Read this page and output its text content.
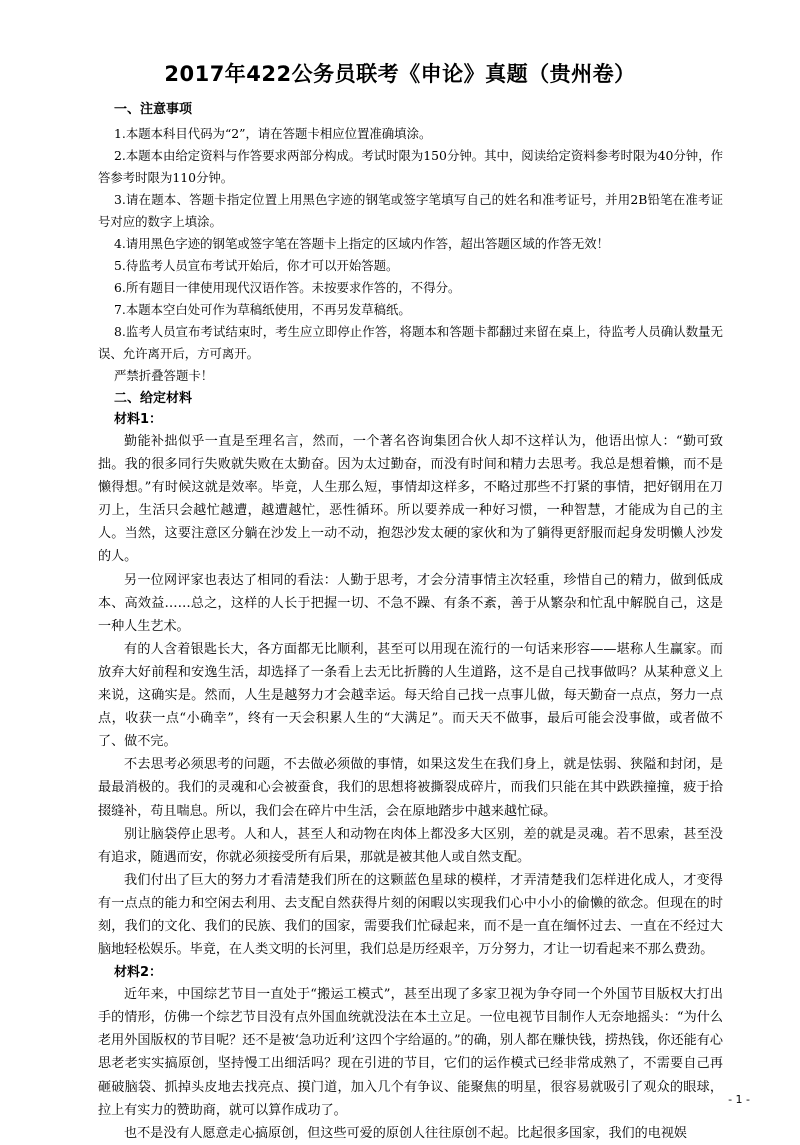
2017年422公务员联考《申论》真题（贵州卷）

一、注意事项

1.本题本科目代码为“2”，请在答题卡相应位置准确填涂。

2.本题本由给定资料与作答要求两部分构成。考试时限为150分钟。其中，阅读给定资料参考时限为40分钟，作答参考时限为110分钟。

3.请在题本、答题卡指定位置上用黑色字迹的钢笔或签字笔填写自己的姓名和准考证号，并用2B铅笔在准考证号对应的数字上填涂。

4.请用黑色字迹的钢笔或签字笔在答题卡上指定的区域内作答，超出答题区域的作答无效！

5.待监考人员宣布考试开始后，你才可以开始答题。

6.所有题目一律使用现代汉语作答。未按要求作答的，不得分。

7.本题本空白处可作为草稿纸使用，不再另发草稿纸。

8.监考人员宣布考试结束时，考生应立即停止作答，将题本和答题卡都翻过来留在桌上，待监考人员确认数量无误、允许离开后，方可离开。

严禁折叠答题卡！

二、给定材料

材料1：

勤能补拙似乎一直是至理名言，然而，一个著名咨询集团合伙人却不这样认为，他语出惊人：“勤可致拙。我的很多同行失败就失败在太勤奋。因为太过勤奋，而没有时间和精力去思考。我总是想着懒，而不是懒得想。”有时候这就是效率。毕竟，人生那么短，事情却这样多，不略过那些不打紧的事情，把好钢用在刀刃上，生活只会越忙越遭，越遭越忙，恶性循环。所以要养成一种好习惯，一种智慧，才能成为自己的主人。当然，这要注意区分躺在沙发上一动不动，抱怨沙发太硬的家伙和为了躺得更舒服而起身发明懒人沙发的人。

另一位网评家也表达了相同的看法：人勤于思考，才会分清事情主次轻重，珍惜自己的精力，做到低成本、高效益……总之，这样的人长于把握一切、不急不躁、有条不紊，善于从繁杂和忙乱中解脱自己，这是一种人生艺术。

有的人含着银匙长大，各方面都无比顺利，甚至可以用现在流行的一句话来形容——堪称人生赢家。而放弃大好前程和安逸生活，却选择了一条看上去无比折腾的人生道路，这不是自己找事做吗？从某种意义上来说，这确实是。然而，人生是越努力才会越幸运。每天给自己找一点事儿做，每天勤奋一点点，努力一点点，收获一点“小确幸”，终有一天会积累人生的“大满足”。而天天不做事，最后可能会没事做，或者做不了、做不完。

不去思考必须思考的问题，不去做必须做的事情，如果这发生在我们身上，就是怯弱、狭隘和封闭，是最最消极的。我们的灵魂和心会被蚕食，我们的思想将被撕裂成碎片，而我们只能在其中跌跌撞撞，疲于拾掇缝补，苟且喘息。所以，我们会在碎片中生活，会在原地踏步中越来越忙碌。

别让脑袋停止思考。人和人，甚至人和动物在肉体上都没多大区别，差的就是灵魂。若不思索，甚至没有追求，随遇而安，你就必须接受所有后果，那就是被其他人或自然支配。

我们付出了巨大的努力才看清楚我们所在的这颗蓝色星球的模样，才弄清楚我们怎样进化成人，才变得有一点点的能力和空闲去利用、去支配自然获得片刻的闲暇以实现我们心中小小的偷懒的欲念。但现在的时刻，我们的文化、我们的民族、我们的国家，需要我们忙碌起来，而不是一直在缅怀过去、一直在不经过大脑地轻松娱乐。毕竟，在人类文明的长河里，我们总是历经艰辛，万分努力，才让一切看起来不那么费劲。

材料2：

近年来，中国综艺节目一直处于“搬运工模式”，甚至出现了多家卫视为争夺同一个外国节目版权大打出手的情形，仿佛一个综艺节目没有点外国血统就没法在本土立足。一位电视节目制作人无奈地摇头：“为什么老用外国版权的节目呢？还不是被‘急功近利’这四个字给逼的。”的确，别人都在赚快钱，捞热钱，你还能有心思老老实实搞原创，坚持慢工出细活吗？现在引进的节目，它们的运作模式已经非常成熟了，不需要自己再砸破脑袋、抓掉头皮地去找亮点、摸门道，加入几个有争议、能聚焦的明星，很容易就吸引了观众的眼球，拉上有实力的赞助商，就可以算作成功了。

也不是没有人愿意走心搞原创，但这些可爱的原创人往往原创不起。比起很多国家，我们的电视娱

- 1 -
